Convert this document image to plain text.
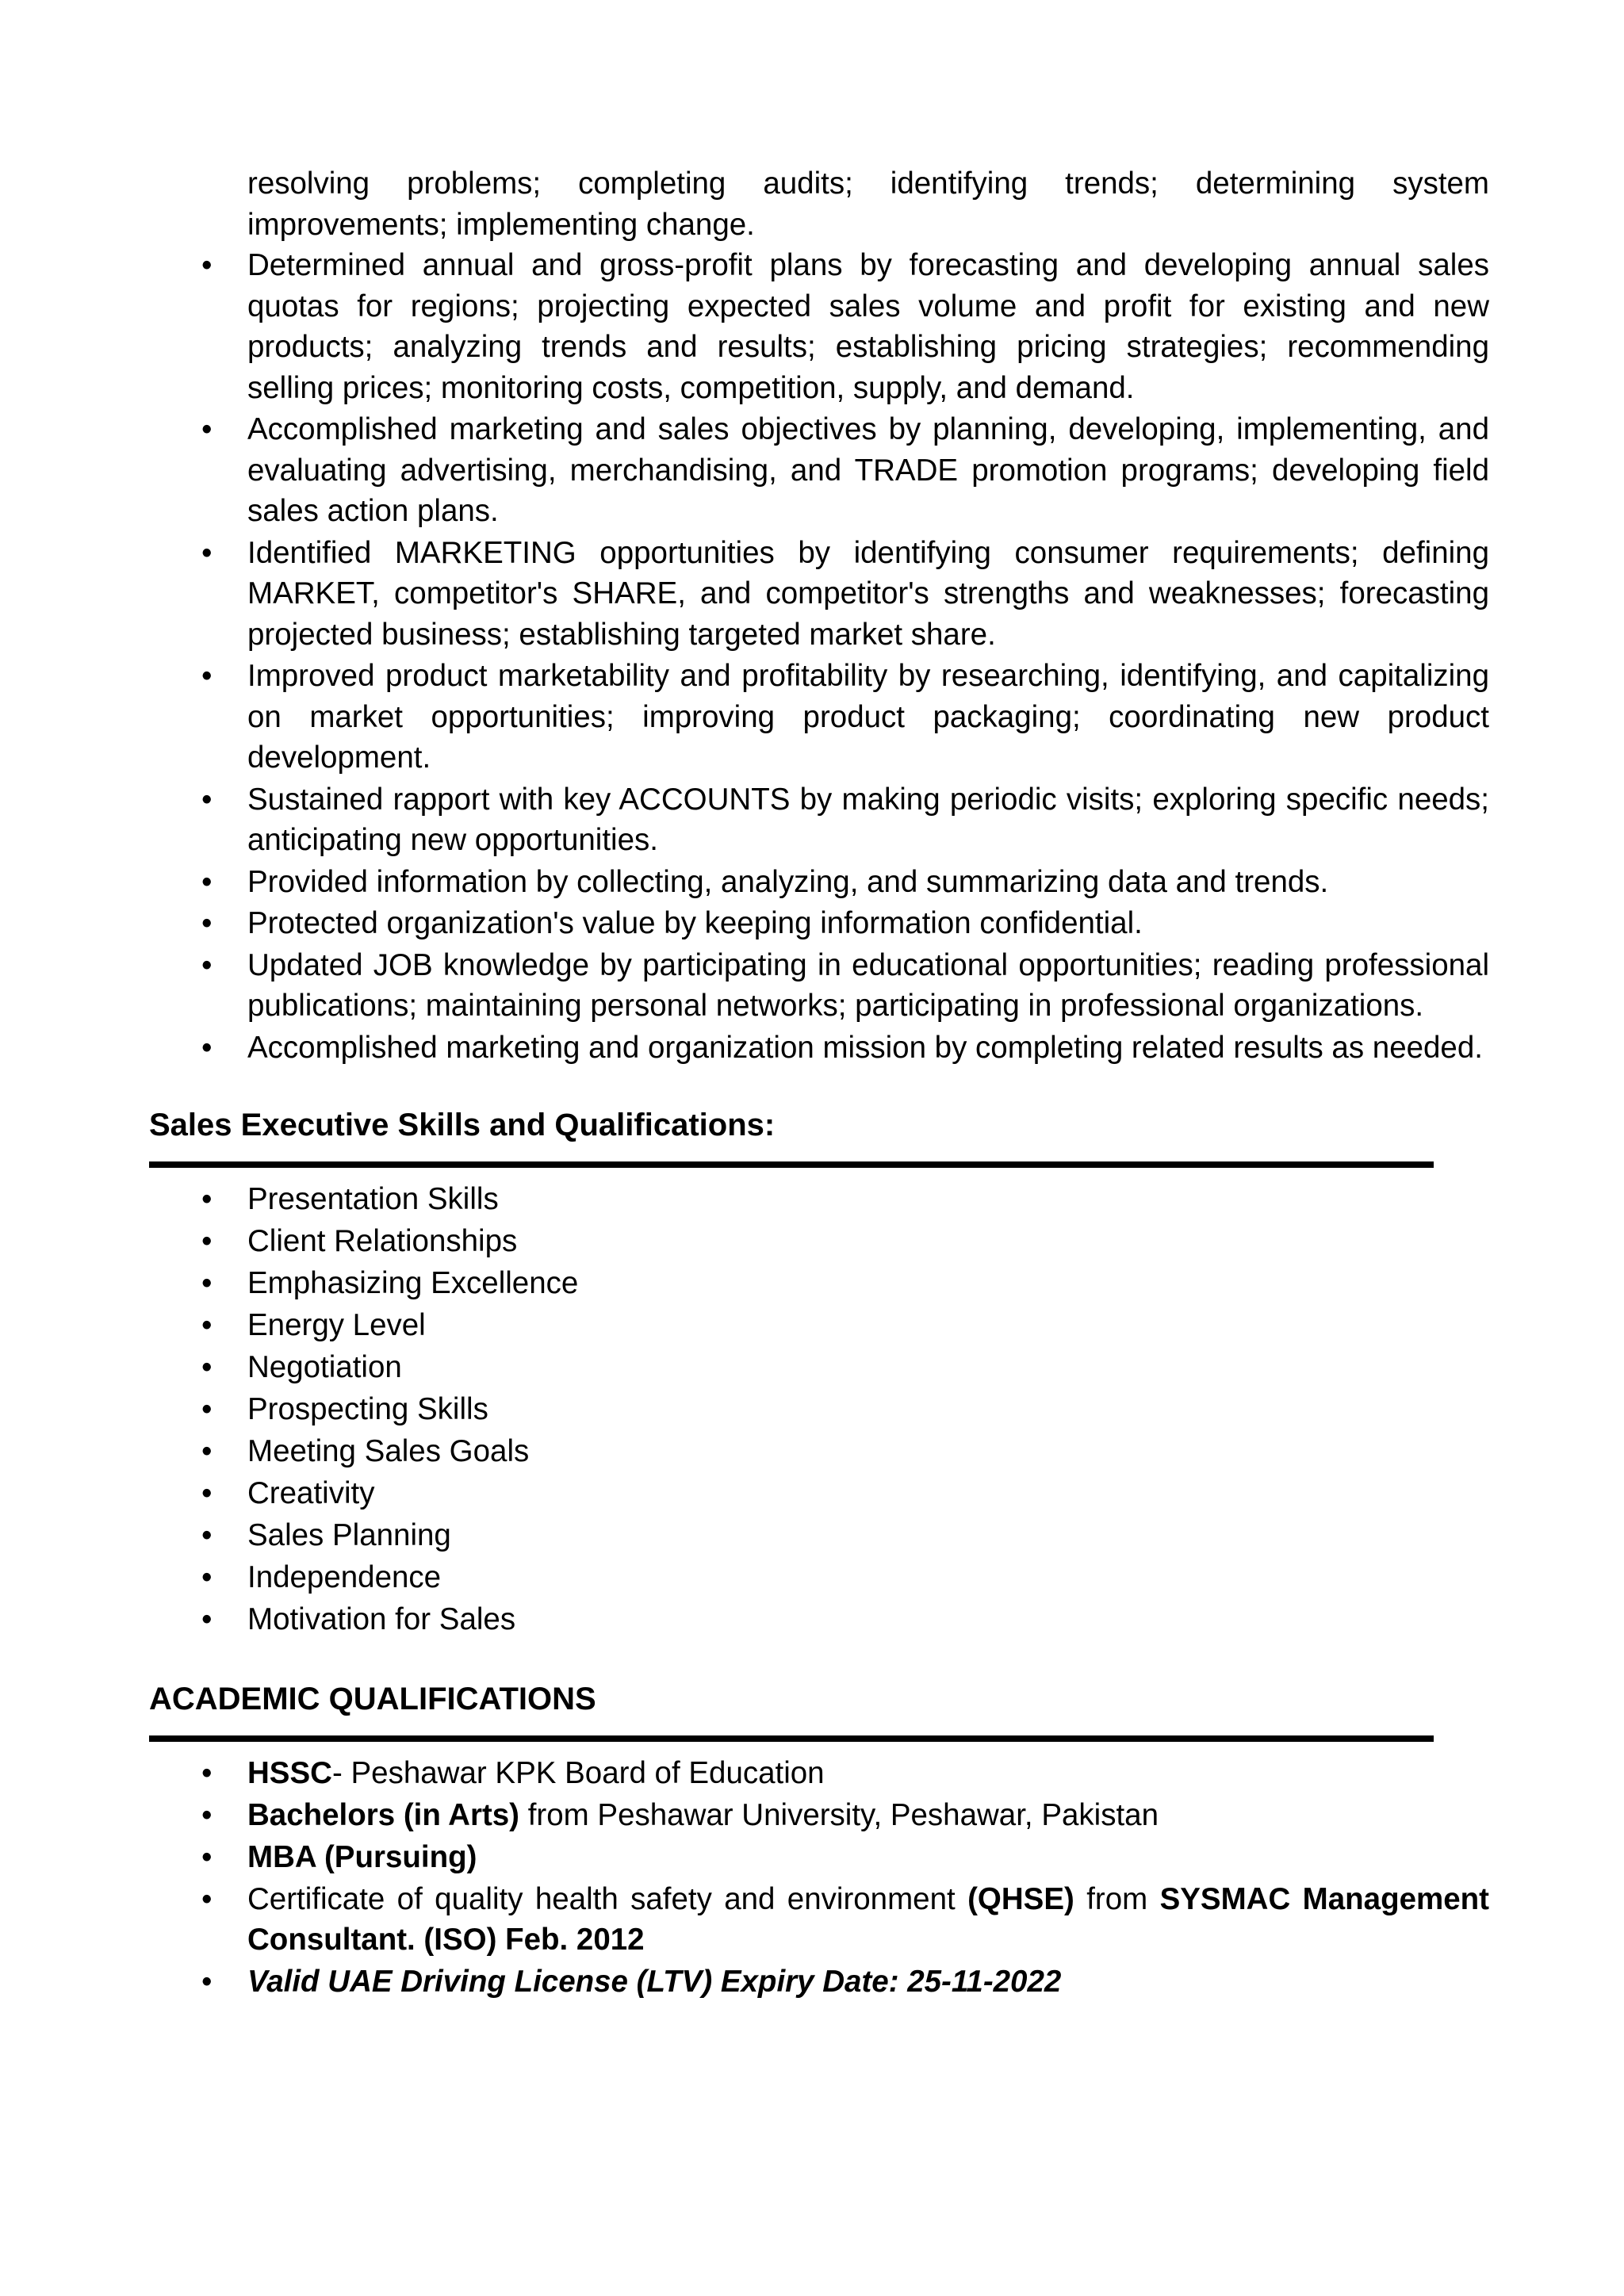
resolving problems; completing audits; identifying trends; determining system improvements; implementing change.

• Determined annual and gross-profit plans by forecasting and developing annual sales quotas for regions; projecting expected sales volume and profit for existing and new products; analyzing trends and results; establishing pricing strategies; recommending selling prices; monitoring costs, competition, supply, and demand.
• Accomplished marketing and sales objectives by planning, developing, implementing, and evaluating advertising, merchandising, and TRADE promotion programs; developing field sales action plans.
• Identified MARKETING opportunities by identifying consumer requirements; defining MARKET, competitor's SHARE, and competitor's strengths and weaknesses; forecasting projected business; establishing targeted market share.
• Improved product marketability and profitability by researching, identifying, and capitalizing on market opportunities; improving product packaging; coordinating new product development.
• Sustained rapport with key ACCOUNTS by making periodic visits; exploring specific needs; anticipating new opportunities.
• Provided information by collecting, analyzing, and summarizing data and trends.
• Protected organization's value by keeping information confidential.
• Updated JOB knowledge by participating in educational opportunities; reading professional publications; maintaining personal networks; participating in professional organizations.
• Accomplished marketing and organization mission by completing related results as needed.
Sales Executive Skills and Qualifications:
• Presentation Skills
• Client Relationships
• Emphasizing Excellence
• Energy Level
• Negotiation
• Prospecting Skills
• Meeting Sales Goals
• Creativity
• Sales Planning
• Independence
• Motivation for Sales
ACADEMIC QUALIFICATIONS
• HSSC- Peshawar KPK Board of Education
• Bachelors (in Arts) from Peshawar University, Peshawar, Pakistan
• MBA (Pursuing)
• Certificate of quality health safety and environment (QHSE) from SYSMAC Management Consultant. (ISO) Feb. 2012
• Valid UAE Driving License (LTV) Expiry Date: 25-11-2022
